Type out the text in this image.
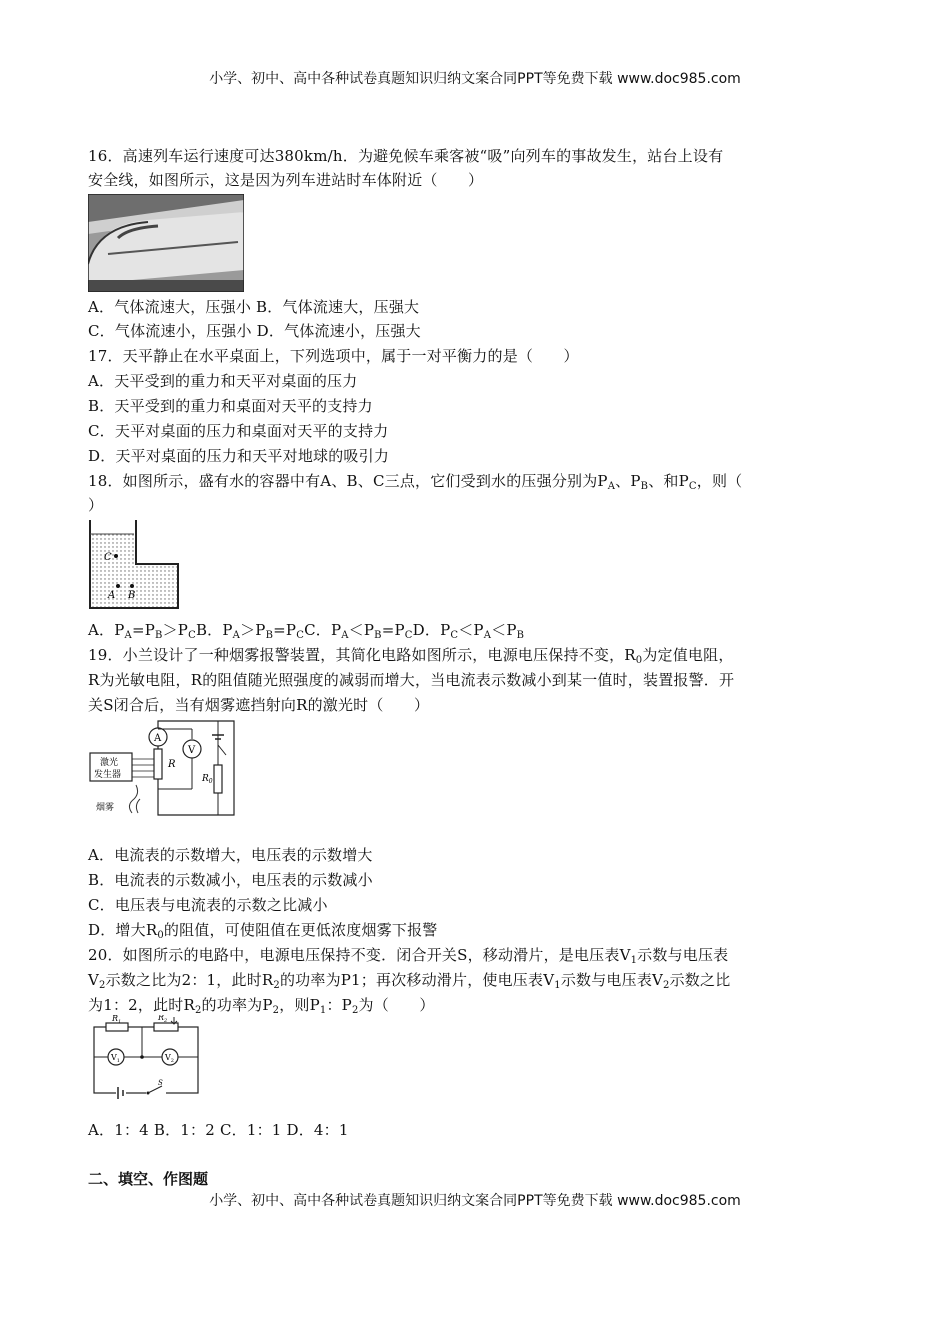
小学、初中、高中各种试卷真题知识归纳文案合同PPT等免费下载 www.doc985.com
16．高速列车运行速度可达380km/h．为避免候车乘客被“吸”向列车的事故发生，站台上设有
安全线，如图所示，这是因为列车进站时车体附近（　　）
A．气体流速大，压强小 B．气体流速大，压强大
C．气体流速小，压强小 D．气体流速小，压强大
17．天平静止在水平桌面上，下列选项中，属于一对平衡力的是（　　）
A．天平受到的重力和天平对桌面的压力
B．天平受到的重力和桌面对天平的支持力
C．天平对桌面的压力和桌面对天平的支持力
D．天平对桌面的压力和天平对地球的吸引力
18．如图所示，盛有水的容器中有A、B、C三点，它们受到水的压强分别为$P_A$、$P_B$、和$P_C$，则（
）
C
A B
A．$P_A=P_B>P_CB$．$P_A>P_B=P_CC$．$P_A<P_B=P_CD$．$P_C<P_A<P_B$
19．小兰设计了一种烟雾报警装置，其简化电路如图所示，电源电压保持不变，$R_0$为定值电阻，
R为光敏电阻，R的阻值随光照强度的减弱而增大，当电流表示数减小到某一值时，装置报警．开
关S闭合后，当有烟雾遮挡射向R的激光时（　　）
A
R
V
$R_0$
激光
发生器
烟雾
A．电流表的示数增大，电压表的示数增大
B．电流表的示数减小，电压表的示数减小
C．电压表与电流表的示数之比减小
D．增大$R_0$的阻值，可使阻值在更低浓度烟雾下报警
20．如图所示的电路中，电源电压保持不变．闭合开关S，移动滑片，是电压表$V_1$示数与电压表
$V_2$示数之比为2：1，此时$R_2$的功率为P1；再次移动滑片，使电压表$V_1$示数与电压表$V_2$示数之比
为1：2，此时$R_2$的功率为$P_2$，则$P_1$：$P_2$为（　　）
$R_1$	$R_2$
$V_1$	$V_2$
S
A．1：4 B．1：2 C．1：1 D．4：1
二、填空、作图题
小学、初中、高中各种试卷真题知识归纳文案合同PPT等免费下载 www.doc985.com
